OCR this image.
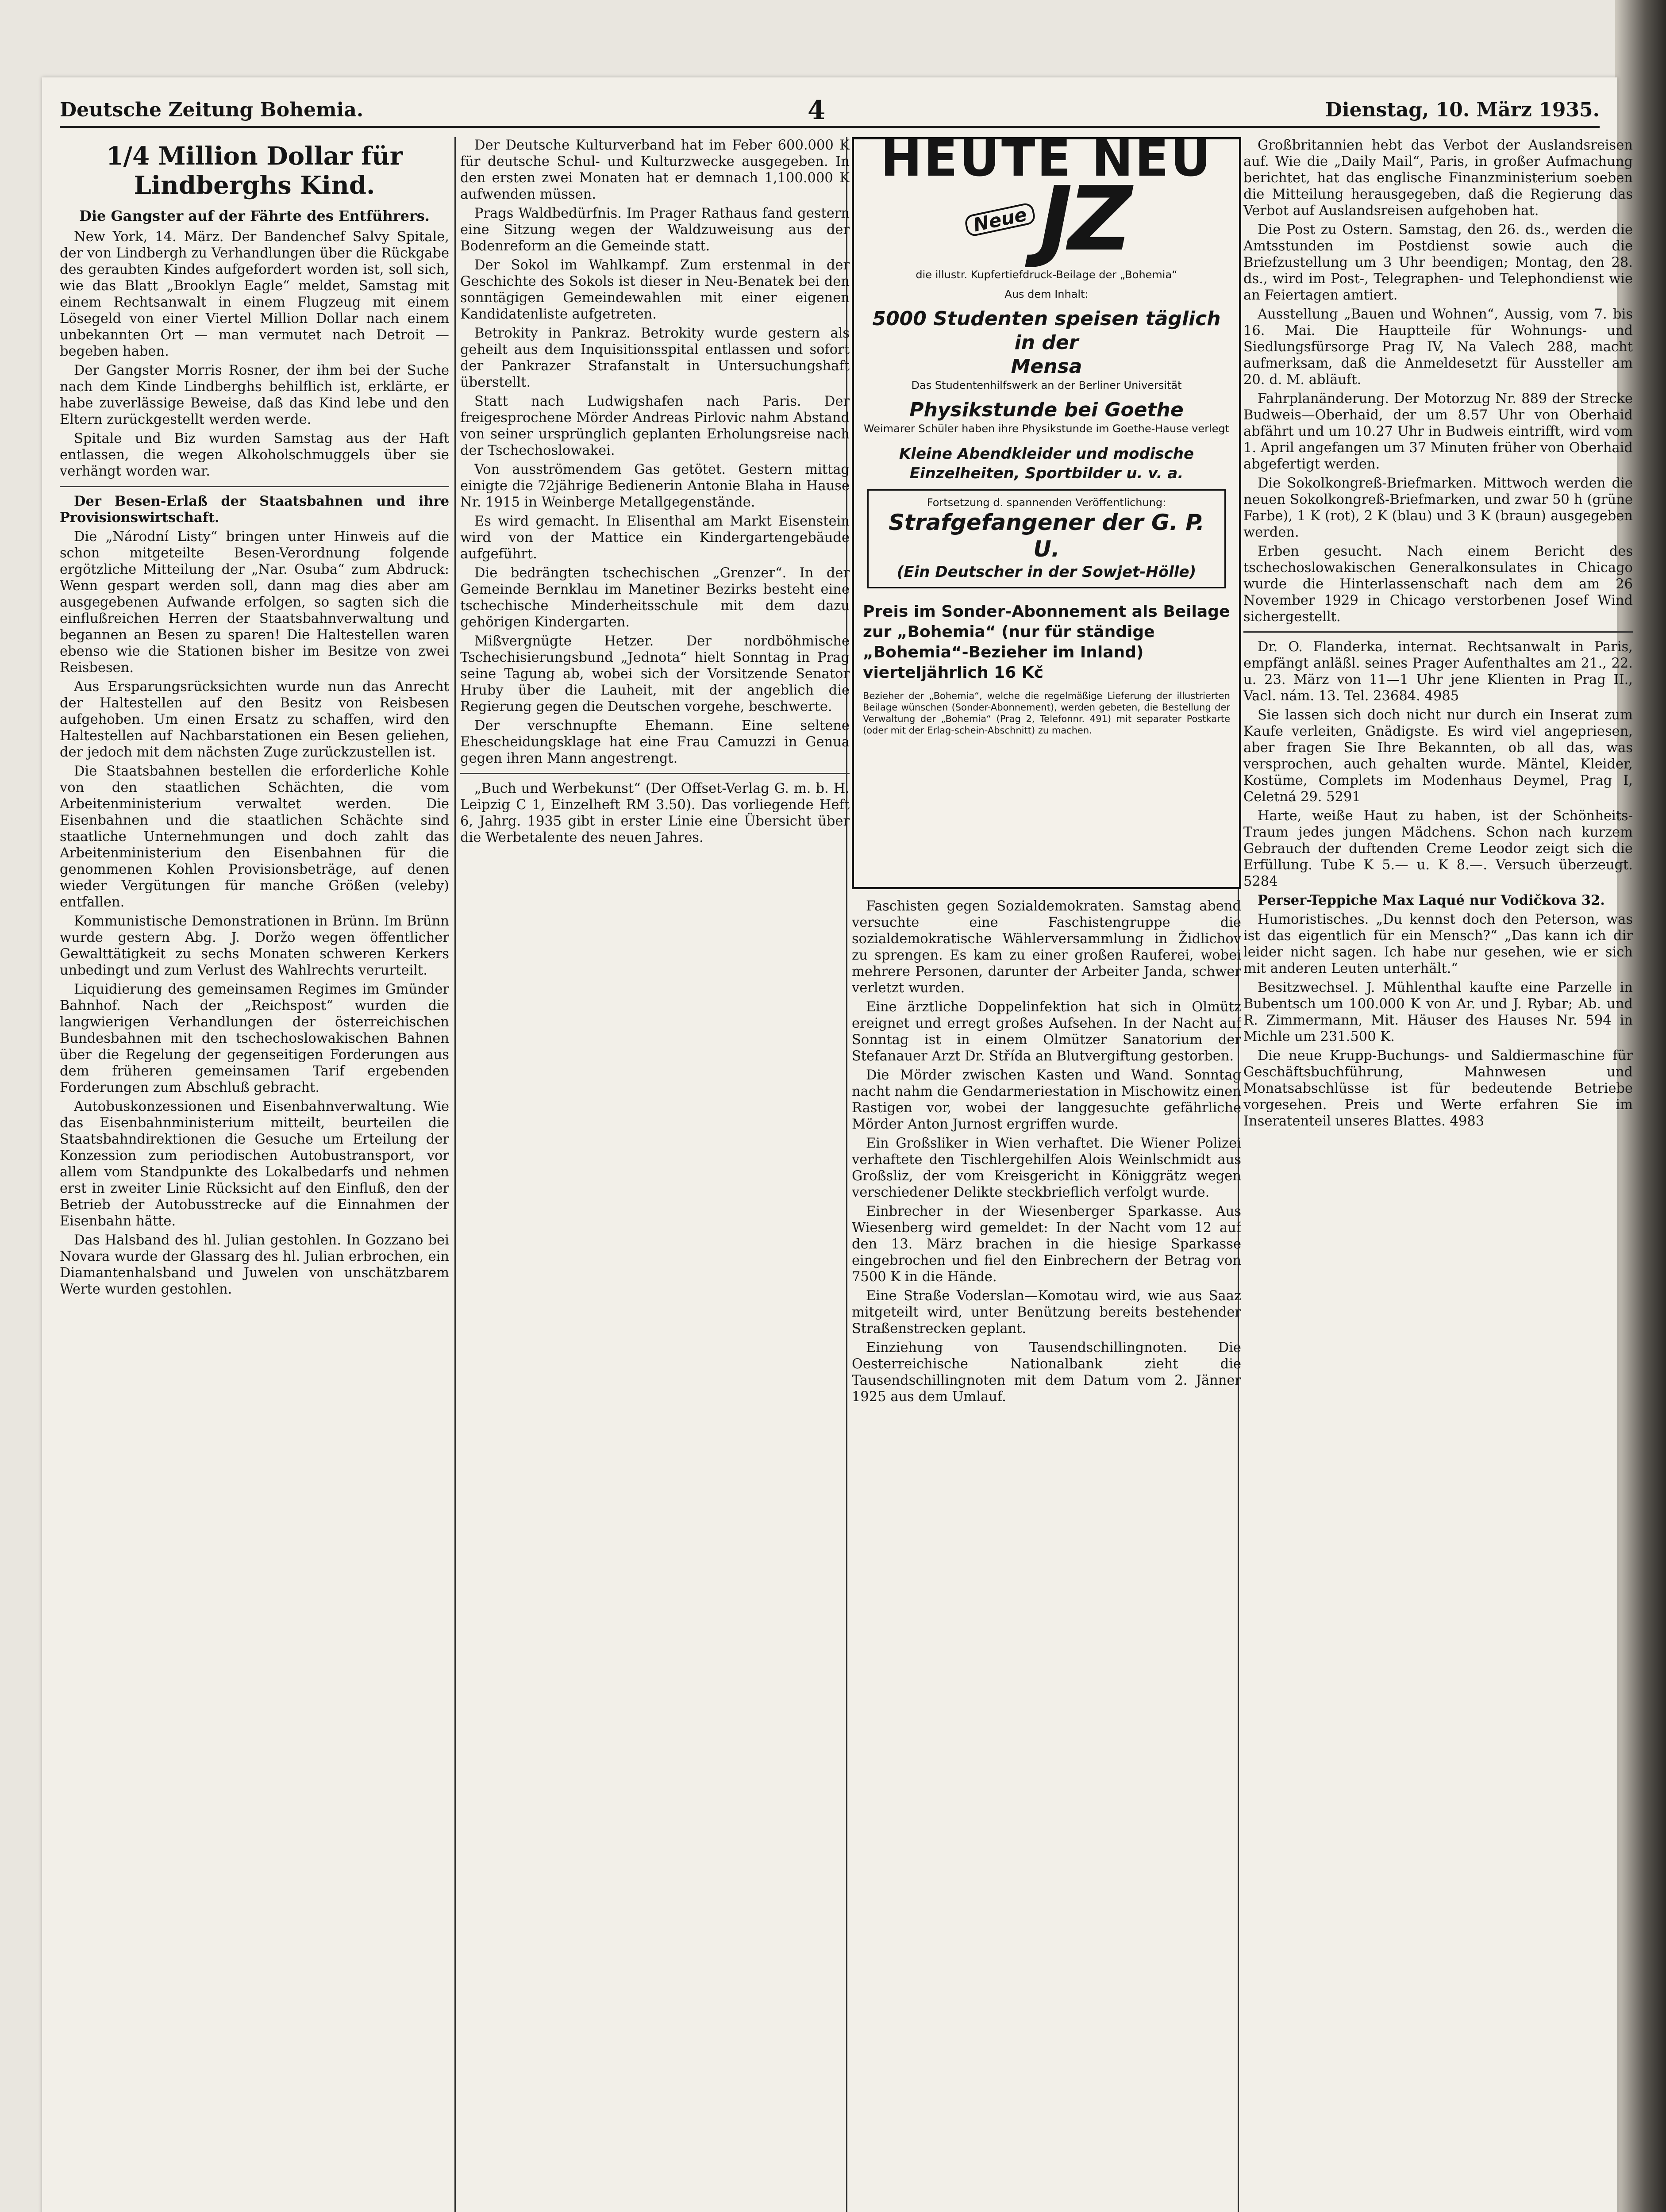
Deutsche Zeitung Bohemia.	4	Dienstag, 10. März 1935.
1/4 Million Dollar für Lindberghs Kind.
Die Gangster auf der Fährte des Entführers.

New York, 14. März. Der Bandenchef Salvy Spitale, der von Lindbergh zu Verhandlungen über die Rückgabe des geraubten Kindes aufgefordert worden ist, soll sich, wie das Blatt „Brooklyn Eagle“ meldet, Samstag mit einem Rechtsanwalt in einem Flugzeug mit einem Lösegeld von einer Viertel Million Dollar nach einem unbekannten Ort — man vermutet nach Detroit — begeben haben.

Der Gangster Morris Rosner, der ihm bei der Suche nach dem Kinde Lindberghs behilflich ist, erklärte, er habe zuverlässige Beweise, daß das Kind lebe und den Eltern zurückgestellt werden werde.

Spitale und Biz wurden Samstag aus der Haft entlassen, die wegen Alkoholschmuggels über sie verhängt worden war.

Der Besen-Erlaß der Staatsbahnen und ihre Provisionswirtschaft.

Die „Národní Listy“ bringen unter Hinweis auf die schon mitgeteilte Besen-Verordnung folgende ergötzliche Mitteilung der „Nar. Osuba“ zum Abdruck: Wenn gespart werden soll, dann mag dies aber am ausgegebenen Aufwande erfolgen, so sagten sich die einflußreichen Herren der Staatsbahnverwaltung und begannen an Besen zu sparen! Die Haltestellen waren ebenso wie die Stationen bisher im Besitze von zwei Reisbesen.

Aus Ersparungsrücksichten wurde nun das Anrecht der Haltestellen auf den Besitz von Reisbesen aufgehoben. Um einen Ersatz zu schaffen, wird den Haltestellen auf Nachbarstationen ein Besen geliehen, der jedoch mit dem nächsten Zuge zurückzustellen ist.

Die Staatsbahnen bestellen die erforderliche Kohle von den staatlichen Schächten, die vom Arbeitenministerium verwaltet werden. Die Eisenbahnen und die staatlichen Schächte sind staatliche Unternehmungen und doch zahlt das Arbeitenministerium den Eisenbahnen für die genommenen Kohlen Provisionsbeträge, auf denen wieder Vergütungen für manche Größen (veleby) entfallen.

Kommunistische Demonstrationen in Brünn. Im Brünn wurde gestern Abg. J. Doržo wegen öffentlicher Gewalttätigkeit zu sechs Monaten schweren Kerkers unbedingt und zum Verlust des Wahlrechts verurteilt.

Liquidierung des gemeinsamen Regimes im Gmünder Bahnhof. Nach der „Reichspost“ wurden die langwierigen Verhandlungen der österreichischen Bundesbahnen mit den tschechoslowakischen Bahnen über die Regelung der gegenseitigen Forderungen aus dem früheren gemeinsamen Tarif ergebenden Forderungen zum Abschluß gebracht.

Autobuskonzessionen und Eisenbahnverwaltung. Wie das Eisenbahnministerium mitteilt, beurteilen die Staatsbahndirektionen die Gesuche um Erteilung der Konzession zum periodischen Autobustransport, vor allem vom Standpunkte des Lokalbedarfs und nehmen erst in zweiter Linie Rücksicht auf den Einfluß, den der Betrieb der Autobusstrecke auf die Einnahmen der Eisenbahn hätte.

Das Halsband des hl. Julian gestohlen. In Gozzano bei Novara wurde der Glassarg des hl. Julian erbrochen, ein Diamantenhalsband und Juwelen von unschätzbarem Werte wurden gestohlen.

Der Deutsche Kulturverband hat im Feber 600.000 K für deutsche Schul- und Kulturzwecke ausgegeben. In den ersten zwei Monaten hat er demnach 1,100.000 K aufwenden müssen.

Prags Waldbedürfnis. Im Prager Rathaus fand gestern eine Sitzung wegen der Waldzuweisung aus der Bodenreform an die Gemeinde statt.

Der Sokol im Wahlkampf. Zum erstenmal in der Geschichte des Sokols ist dieser in Neu-Benatek bei den sonntägigen Gemeindewahlen mit einer eigenen Kandidatenliste aufgetreten.

Betrokity in Pankraz. Betrokity wurde gestern als geheilt aus dem Inquisitionsspital entlassen und sofort der Pankrazer Strafanstalt in Untersuchungshaft überstellt.

Statt nach Ludwigshafen nach Paris. Der freigesprochene Mörder Andreas Pirlovic nahm Abstand von seiner ursprünglich geplanten Erholungsreise nach der Tschechoslowakei.

Von ausströmendem Gas getötet. Gestern mittag einigte die 72jährige Bedienerin Antonie Blaha in Hause Nr. 1915 in Weinberge Metallgegenstände.

Es wird gemacht. In Elisenthal am Markt Eisenstein wird von der Mattice ein Kindergartengebäude aufgeführt.

Die bedrängten tschechischen „Grenzer“. In der Gemeinde Bernklau im Manetiner Bezirks besteht eine tschechische Minderheitsschule mit dem dazu gehörigen Kindergarten.

Mißvergnügte Hetzer. Der nordböhmische Tschechisierungsbund „Jednota“ hielt Sonntag in Prag seine Tagung ab, wobei sich der Vorsitzende Senator Hruby über die Lauheit, mit der angeblich die Regierung gegen die Deutschen vorgehe, beschwerte.

Der verschnupfte Ehemann. Eine seltene Ehescheidungsklage hat eine Frau Camuzzi in Genua gegen ihren Mann angestrengt.

„Buch und Werbekunst“ (Der Offset-Verlag G. m. b. H. Leipzig C 1, Einzelheft RM 3.50). Das vorliegende Heft 6, Jahrg. 1935 gibt in erster Linie eine Übersicht über die Werbetalente des neuen Jahres.

HEUTE NEU
Neue JZ
die illustr. Kupfertiefdruck-Beilage der „Bohemia“
Aus dem Inhalt:
5000 Studenten speisen täglich in der
Mensa
Das Studentenhilfswerk an der Berliner Universität
Physikstunde bei Goethe
Weimarer Schüler haben ihre Physikstunde im Goethe-Hause verlegt
Kleine Abendkleider und modische Einzelheiten, Sportbilder u. v. a.
Fortsetzung d. spannenden Veröffentlichung:
Strafgefangener der G. P. U.
(Ein Deutscher in der Sowjet-Hölle)
Preis im Sonder-Abonnement als Beilage zur „Bohemia“ (nur für ständige „Bohemia“-Bezieher im Inland) vierteljährlich 16 Kč
Bezieher der „Bohemia“, welche die regelmäßige Lieferung der illustrierten Beilage wünschen (Sonder-Abonnement), werden gebeten, die Bestellung der Verwaltung der „Bohemia“ (Prag 2, Telefonnr. 491) mit separater Postkarte (oder mit der Erlag-schein-Abschnitt) zu machen.

Faschisten gegen Sozialdemokraten. Samstag abend versuchte eine Faschistengruppe die sozialdemokratische Wählerversammlung in Židlichov zu sprengen. Es kam zu einer großen Rauferei, wobei mehrere Personen, darunter der Arbeiter Janda, schwer verletzt wurden.

Eine ärztliche Doppelinfektion hat sich in Olmütz ereignet und erregt großes Aufsehen. In der Nacht auf Sonntag ist in einem Olmützer Sanatorium der Stefanauer Arzt Dr. Střída an Blutvergiftung gestorben.

Die Mörder zwischen Kasten und Wand. Sonntag nacht nahm die Gendarmeriestation in Mischowitz einen Rastigen vor, wobei der langgesuchte gefährliche Mörder Anton Jurnost ergriffen wurde.

Ein Großsliker in Wien verhaftet. Die Wiener Polizei verhaftete den Tischlergehilfen Alois Weinlschmidt aus Großsliz, der vom Kreisgericht in Königgrätz wegen verschiedener Delikte steckbrieflich verfolgt wurde.

Einbrecher in der Wiesenberger Sparkasse. Aus Wiesenberg wird gemeldet: In der Nacht vom 12 auf den 13. März brachen in die hiesige Sparkasse eingebrochen und fiel den Einbrechern der Betrag von 7500 K in die Hände.

Eine Straße Voderslan—Komotau wird, wie aus Saaz mitgeteilt wird, unter Benützung bereits bestehender Straßenstrecken geplant.

Einziehung von Tausendschillingnoten. Die Oesterreichische Nationalbank zieht die Tausendschillingnoten mit dem Datum vom 2. Jänner 1925 aus dem Umlauf.

Großbritannien hebt das Verbot der Auslandsreisen auf. Wie die „Daily Mail“, Paris, in großer Aufmachung berichtet, hat das englische Finanzministerium soeben die Mitteilung herausgegeben, daß die Regierung das Verbot auf Auslandsreisen aufgehoben hat.

Die Post zu Ostern. Samstag, den 26. ds., werden die Amtsstunden im Postdienst sowie auch die Briefzustellung um 3 Uhr beendigen; Montag, den 28. ds., wird im Post-, Telegraphen- und Telephondienst wie an Feiertagen amtiert.

Ausstellung „Bauen und Wohnen“, Aussig, vom 7. bis 16. Mai. Die Hauptteile für Wohnungs- und Siedlungsfürsorge Prag IV, Na Valech 288, macht aufmerksam, daß die Anmeldesetzt für Aussteller am 20. d. M. abläuft.

Fahrplanänderung. Der Motorzug Nr. 889 der Strecke Budweis—Oberhaid, der um 8.57 Uhr von Oberhaid abfährt und um 10.27 Uhr in Budweis eintrifft, wird vom 1. April angefangen um 37 Minuten früher von Oberhaid abgefertigt werden.

Die Sokolkongreß-Briefmarken. Mittwoch werden die neuen Sokolkongreß-Briefmarken, und zwar 50 h (grüne Farbe), 1 K (rot), 2 K (blau) und 3 K (braun) ausgegeben werden.

Erben gesucht. Nach einem Bericht des tschechoslowakischen Generalkonsulates in Chicago wurde die Hinterlassenschaft nach dem am 26 November 1929 in Chicago verstorbenen Josef Wind sichergestellt.

Dr. O. Flanderka, internat. Rechtsanwalt in Paris, empfängt anläßl. seines Prager Aufenthaltes am 21., 22. u. 23. März von 11—1 Uhr jene Klienten in Prag II., Vacl. nám. 13. Tel. 23684. 4985

Sie lassen sich doch nicht nur durch ein Inserat zum Kaufe verleiten, Gnädigste. Es wird viel angepriesen, aber fragen Sie Ihre Bekannten, ob all das, was versprochen, auch gehalten wurde. Mäntel, Kleider, Kostüme, Complets im Modenhaus Deymel, Prag I, Celetná 29. 5291

Harte, weiße Haut zu haben, ist der Schönheits-Traum jedes jungen Mädchens. Schon nach kurzem Gebrauch der duftenden Creme Leodor zeigt sich die Erfüllung. Tube K 5.— u. K 8.—. Versuch überzeugt. 5284

Perser-Teppiche Max Laqué nur Vodičkova 32.

Humoristisches. „Du kennst doch den Peterson, was ist das eigentlich für ein Mensch?“ „Das kann ich dir leider nicht sagen. Ich habe nur gesehen, wie er sich mit anderen Leuten unterhält.“

Besitzwechsel. J. Mühlenthal kaufte eine Parzelle in Bubentsch um 100.000 K von Ar. und J. Rybar; Ab. und R. Zimmermann, Mit. Häuser des Hauses Nr. 594 in Michle um 231.500 K.

Die neue Krupp-Buchungs- und Saldiermaschine für Geschäftsbuchführung, Mahnwesen und Monatsabschlüsse ist für bedeutende Betriebe vorgesehen. Preis und Werte erfahren Sie im Inseratenteil unseres Blattes. 4983
